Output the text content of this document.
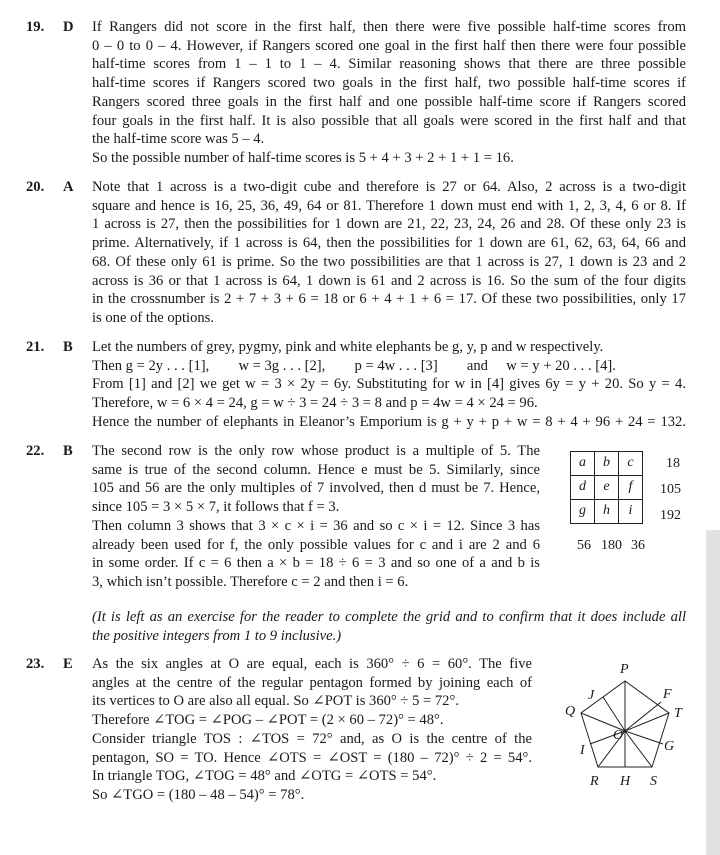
19. D If Rangers did not score in the first half, then there were five possible half-time scores from

0 – 0 to 0 – 4. However, if Rangers scored one goal in the first half then there were four possible

half-time scores from 1 – 1 to 1 – 4. Similar reasoning shows that there are three possible

half-time scores if Rangers scored two goals in the first half, two possible half-time scores if

Rangers scored three goals in the first half and one possible half-time score if Rangers scored

four goals in the first half. It is also possible that all goals were scored in the first half and that

the half-time score was 5 – 4.

So the possible number of half-time scores is 5 + 4 + 3 + 2 + 1 + 1 = 16.

20. A Note that 1 across is a two-digit cube and therefore is 27 or 64. Also, 2 across is a two-digit

square and hence is 16, 25, 36, 49, 64 or 81. Therefore 1 down must end with 1, 2, 3, 4, 6 or 8. If

1 across is 27, then the possibilities for 1 down are 21, 22, 23, 24, 26 and 28. Of these only 23 is

prime. Alternatively, if 1 across is 64, then the possibilities for 1 down are 61, 62, 63, 64, 66 and

68. Of these only 61 is prime. So the two possibilities are that 1 across is 27, 1 down is 23 and 2

across is 36 or that 1 across is 64, 1 down is 61 and 2 across is 16. So the sum of the four digits

in the crossnumber is 2 + 7 + 3 + 6 = 18 or 6 + 4 + 1 + 6 = 17. Of these two possibilities, only 17

is one of the options.

21. B Let the numbers of grey, pygmy, pink and white elephants be g, y, p and w respectively.

Then g = 2y . . . [1],        w = 3g . . . [2],        p = 4w . . . [3]        and     w = y + 20 . . . [4].

From [1] and [2] we get w = 3 × 2y = 6y. Substituting for w in [4] gives 6y = y + 20. So y = 4.

Therefore, w = 6 × 4 = 24, g = w ÷ 3 = 24 ÷ 3 = 8 and p = 4w = 4 × 24 = 96.

Hence the number of elephants in Eleanor’s Emporium is g + y + p + w = 8 + 4 + 96 + 24 = 132.

22. B The second row is the only row whose product is a multiple of 5. The

same is true of the second column. Hence e must be 5. Similarly, since

105 and 56 are the only multiples of 7 involved, then d must be 7. Hence,

since 105 = 3 × 5 × 7, it follows that f = 3.

Then column 3 shows that 3 × c × i = 36 and so c × i = 12. Since 3 has

already been used for f, the only possible values for c and i are 2 and 6

in some order. If c = 6 then a × b = 18 ÷ 6 = 3 and so one of a and b is

3, which isn’t possible. Therefore c = 2 and then i = 6.

(It is left as an exercise for the reader to complete the grid and to confirm that it does include all

the positive integers from 1 to 9 inclusive.)

a	b	c
d	e	f
g	h	i
18
105
192
56 180 36
23. E As the six angles at O are equal, each is 360° ÷ 6 = 60°. The five

angles at the centre of the regular pentagon formed by joining each of

its vertices to O are also all equal. So ∠POT is 360° ÷ 5 = 72°.

Therefore ∠TOG = ∠POG – ∠POT = (2 × 60 – 72)° = 48°.

Consider triangle TOS : ∠TOS = 72° and, as O is the centre of the

pentagon, SO = TO. Hence ∠OTS = ∠OST = (180 – 72)° ÷ 2 = 54°.

In triangle TOG, ∠TOG = 48° and ∠OTG = ∠OTS = 54°.

So ∠TGO = (180 – 48 – 54)° = 78°.

P
J	F
Q	T
O
I	G
R H S
